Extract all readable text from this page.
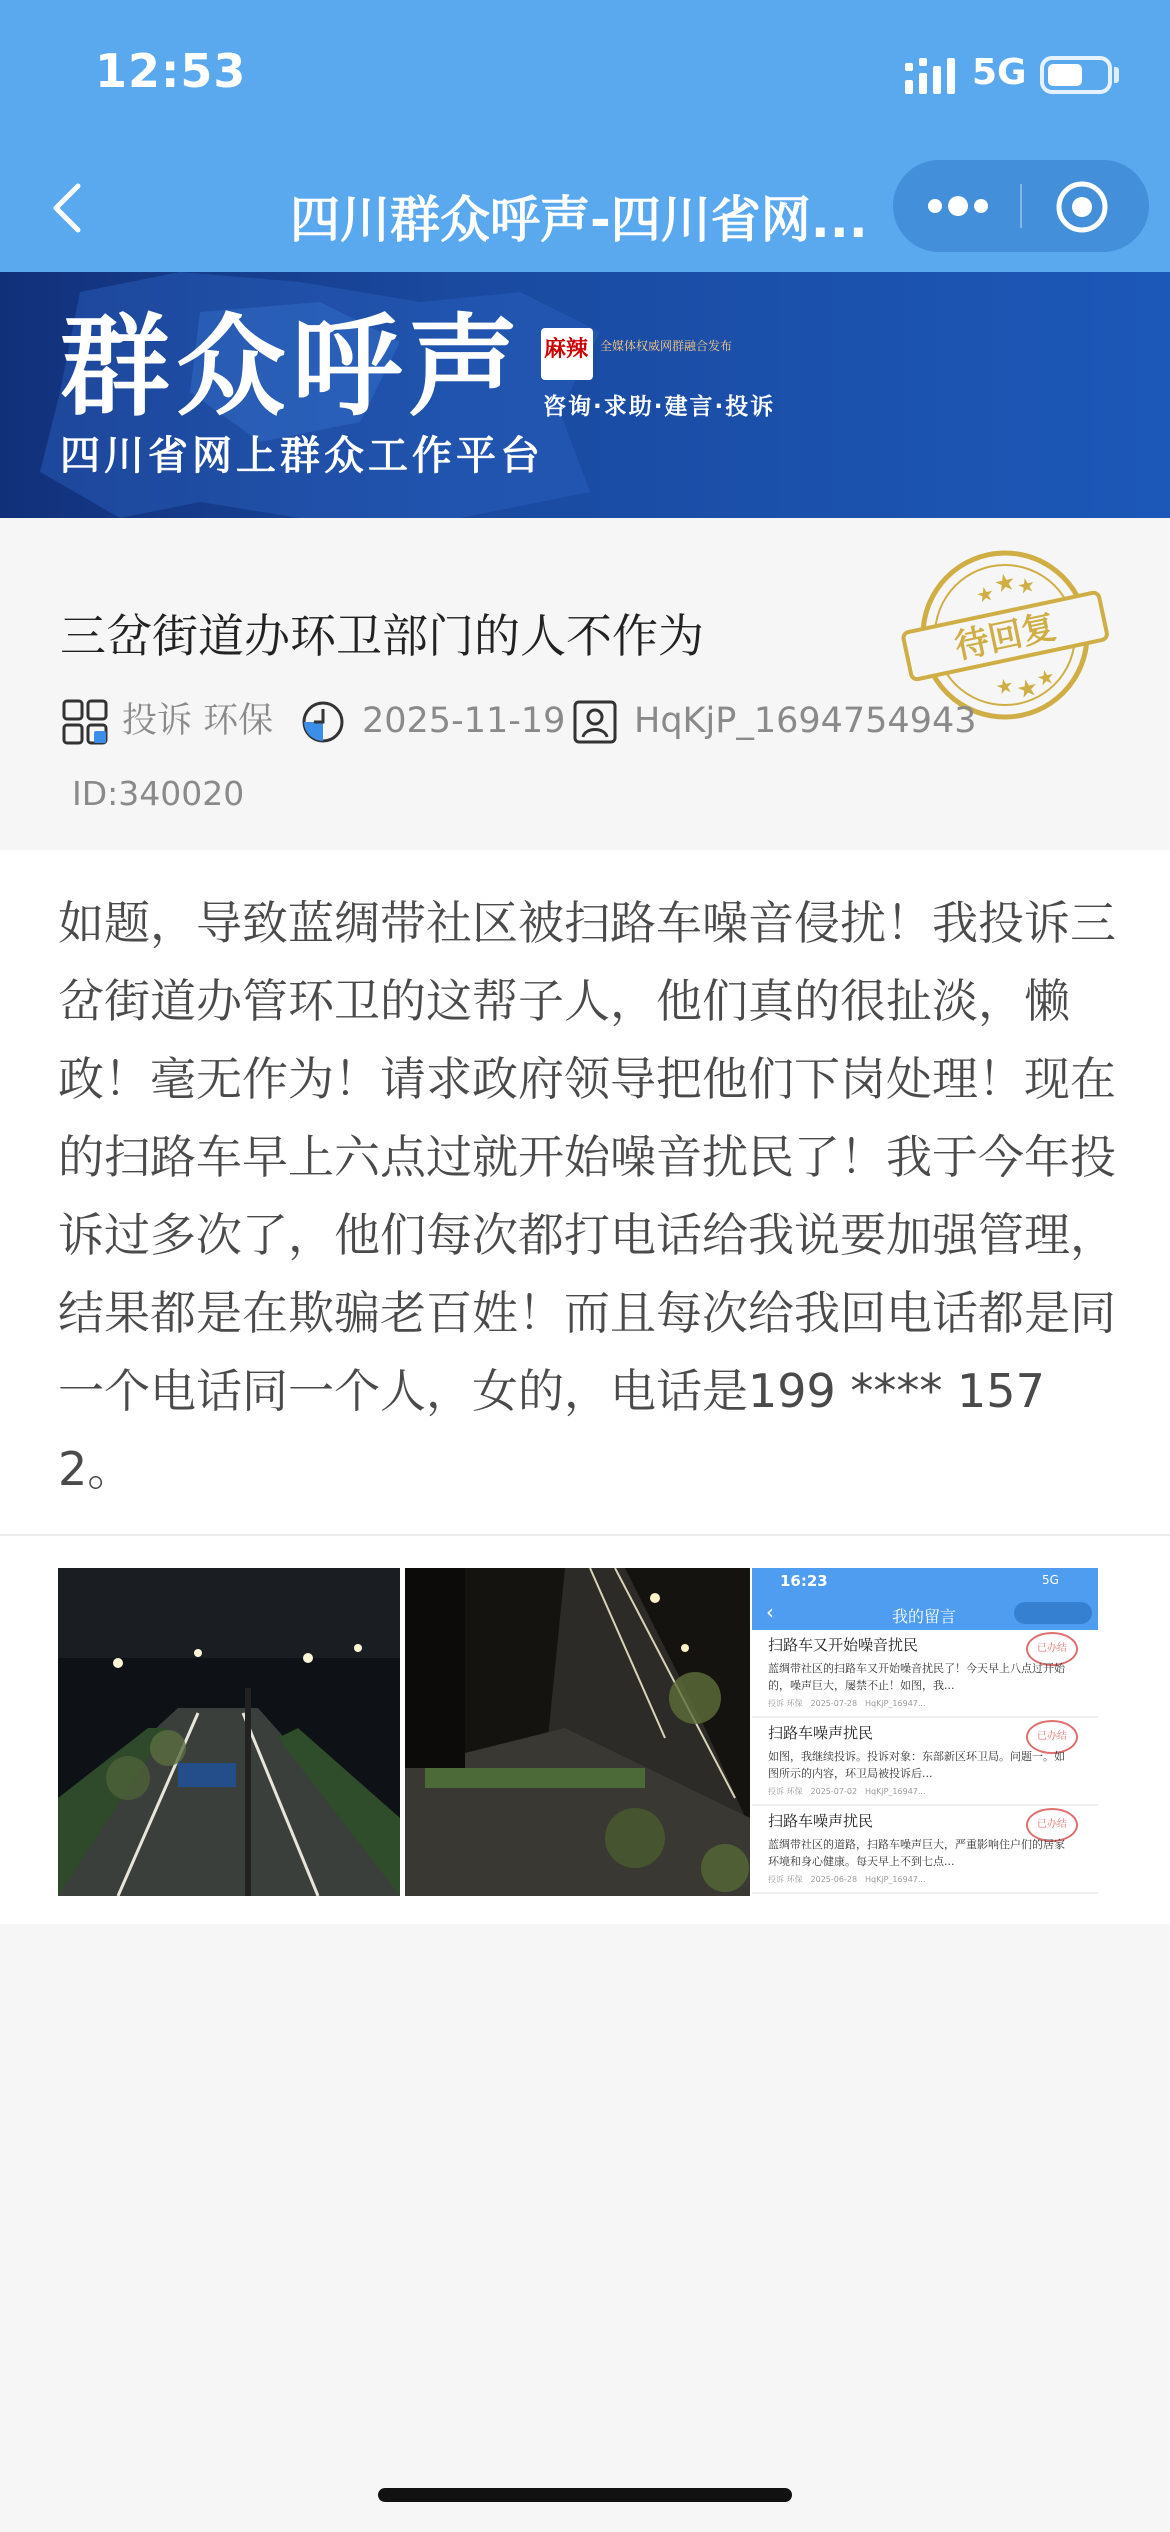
12:53	5G
四川群众呼声-四川省网...
群众呼声
四川省网上群众工作平台
麻辣 全媒体权威网群融合发布
咨询·求助·建言·投诉
三岔街道办环卫部门的人不作为	待回复
★
★
★
★
★
★
投诉 环保	2025-11-19 HqKjP_1694754943
ID:340020
如题，导致蓝绸带社区被扫路车噪音侵扰！我投诉三岔街道办管环卫的这帮子人，他们真的很扯淡，懒政！毫无作为！请求政府领导把他们下岗处理！现在的扫路车早上六点过就开始噪音扰民了！我于今年投诉过多次了，他们每次都打电话给我说要加强管理，结果都是在欺骗老百姓！而且每次给我回电话都是同一个电话同一个人，女的，电话是199 **** 1572。
16:23	5G
‹	我的留言
扫路车又开始噪音扰民	已办结
蓝绸带社区的扫路车又开始噪音扰民了！今天早上八点过开始的，噪声巨大，屡禁不止！如图，我...
投诉 环保　2025-07-28　HqKjP_16947...
扫路车噪声扰民	已办结
如图，我继续投诉。投诉对象：东部新区环卫局。问题一。如图所示的内容，环卫局被投诉后...
投诉 环保　2025-07-02　HqKjP_16947...
扫路车噪声扰民	已办结
蓝绸带社区的道路，扫路车噪声巨大，严重影响住户们的居家环境和身心健康。每天早上不到七点...
投诉 环保　2025-06-28　HqKjP_16947...
